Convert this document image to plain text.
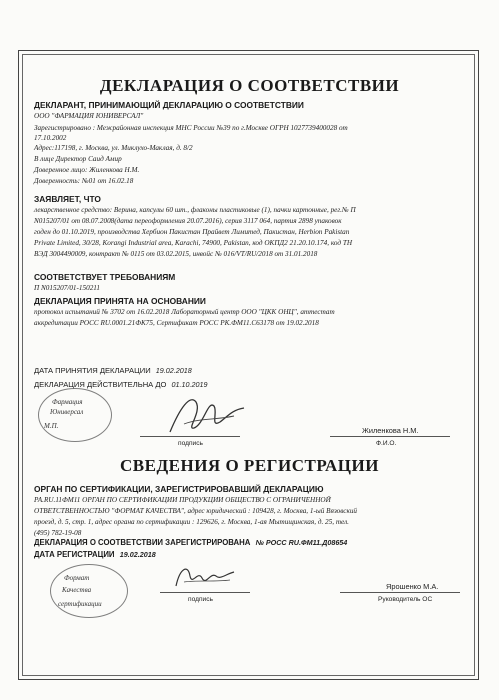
ДЕКЛАРАЦИЯ О СООТВЕТСТВИИ
ДЕКЛАРАНТ, ПРИНИМАЮЩИЙ ДЕКЛАРАЦИЮ О СООТВЕТСТВИИ
ООО "ФАРМАЦИЯ ЮНИВЕРСАЛ"
Зарегистрировано : Межрайонная инспекция МНС России №39 по г.Москве ОГРН 1027739400028 от
17.10.2002
Адрес:117198, г. Москва, ул. Миклухо-Маклая, д. 8/2
В лице Директор Саид Амир
Доверенное лицо: Жиленкова Н.М.
Доверенность: №01 от 16.02.18
ЗАЯВЛЯЕТ, ЧТО
лекарственное средство: Верина, капсулы 60 шт., флаконы пластиковые (1), пачки картонные, рег.№ П
N015207/01 от 08.07.2008(дата переоформления 20.07.2016), серия 3117 064, партия 2898 упаковок
годен до 01.10.2019, производства Хербион Пакистан Прайвет Лимитед, Пакистан, Herbion Pakistan
Private Limited, 30/28, Korangi Industrial area, Karachi, 74900, Pakistan, код ОКПД2 21.20.10.174, код ТН
ВЭД 3004490009, контракт № 0115 от 03.02.2015, инвойс № 016/VT/RU/2018 от 31.01.2018
СООТВЕТСТВУЕТ ТРЕБОВАНИЯМ
П N015207/01-150211
ДЕКЛАРАЦИЯ ПРИНЯТА НА ОСНОВАНИИ
протокол испытаний № 3702 от 16.02.2018 Лабораторный центр ООО "ЦКК ОНЦ", аттестат
аккредитации РОСС RU.0001.21ФК75, Сертификат РОСС РК.ФМ11.С63178 от 19.02.2018
ДАТА ПРИНЯТИЯ ДЕКЛАРАЦИИ 19.02.2018
ДЕКЛАРАЦИЯ ДЕЙСТВИТЕЛЬНА ДО 01.10.2019
Фармация
Юниверсал
М.П.
подпись
Жиленкова Н.М.
Ф.И.О.
СВЕДЕНИЯ О РЕГИСТРАЦИИ
ОРГАН ПО СЕРТИФИКАЦИИ, ЗАРЕГИСТРИРОВАВШИЙ ДЕКЛАРАЦИЮ
РА.RU.11ФМ11 ОРГАН ПО СЕРТИФИКАЦИИ ПРОДУКЦИИ ОБЩЕСТВО С ОГРАНИЧЕННОЙ
ОТВЕТСТВЕННОСТЬЮ "ФОРМАТ КАЧЕСТВА", адрес юридический : 109428, г. Москва, 1-ый Вязовский
проезд, д. 5, стр. 1, адрес органа по сертификации : 129626, г. Москва, 1-ая Мытищинская, д. 25, тел.
(495) 782-19-08
ДЕКЛАРАЦИЯ О СООТВЕТСТВИИ ЗАРЕГИСТРИРОВАНА № РОСС RU.ФМ11.Д08654
ДАТА РЕГИСТРАЦИИ 19.02.2018
Формат
Качества
сертификации
подпись
Ярошенко М.А.
Руководитель ОС
